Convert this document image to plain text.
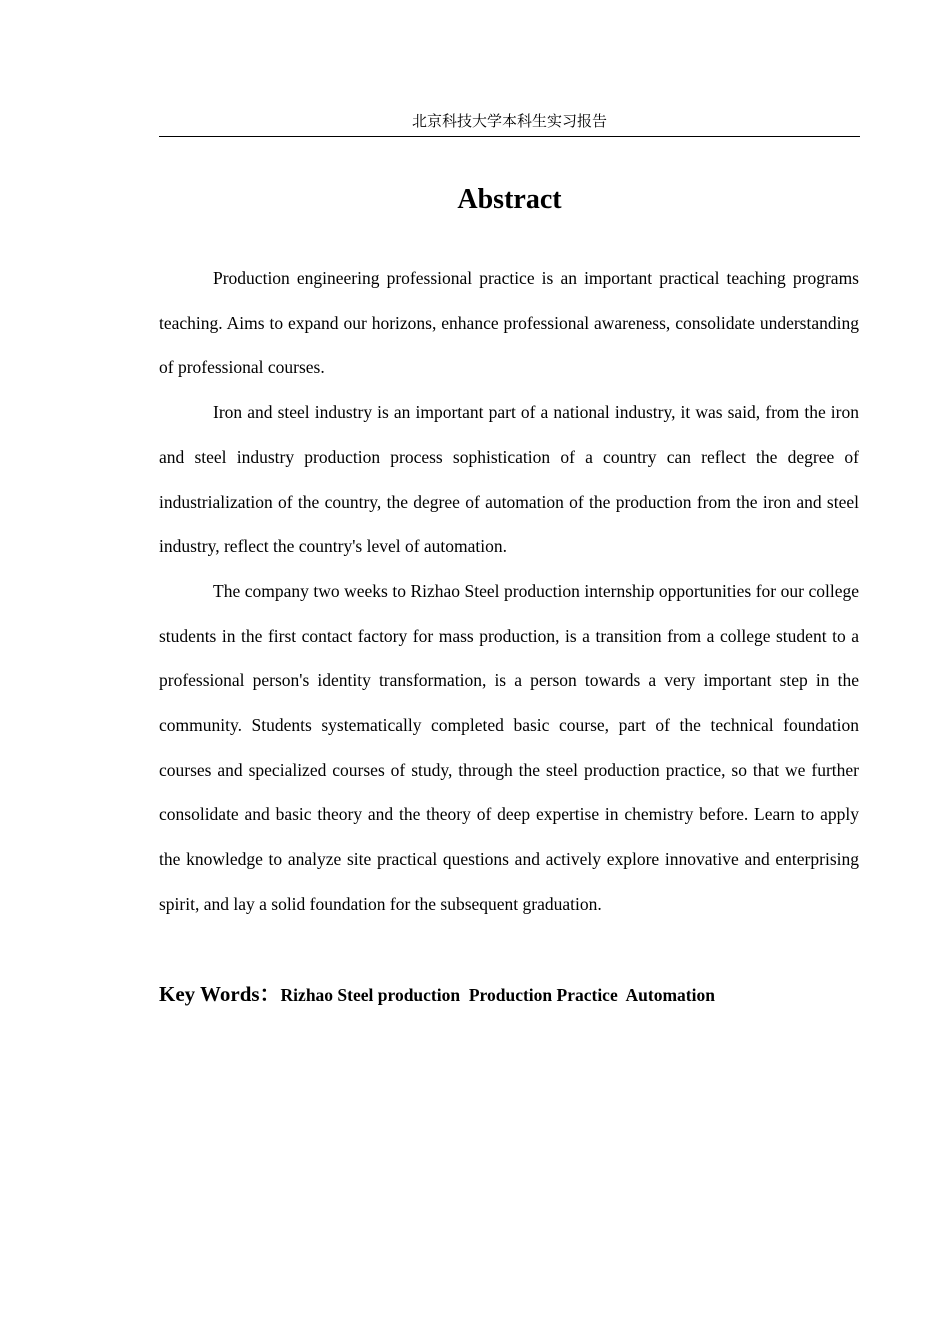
北京科技大学本科生实习报告
Abstract

Production engineering professional practice is an important practical teaching programs teaching. Aims to expand our horizons, enhance professional awareness, consolidate understanding of professional courses.

Iron and steel industry is an important part of a national industry, it was said, from the iron and steel industry production process sophistication of a country can reflect the degree of industrialization of the country, the degree of automation of the production from the iron and steel industry, reflect the country's level of automation.

The company two weeks to Rizhao Steel production internship opportunities for our college students in the first contact factory for mass production, is a transition from a college student to a professional person's identity transformation, is a person towards a very important step in the community. Students systematically completed basic course, part of the technical foundation courses and specialized courses of study, through the steel production practice, so that we further consolidate and basic theory and the theory of deep expertise in chemistry before. Learn to apply the knowledge to analyze site practical questions and actively explore innovative and enterprising spirit, and lay a solid foundation for the subsequent graduation.

Key Words：Rizhao Steel production  Production Practice  Automation
